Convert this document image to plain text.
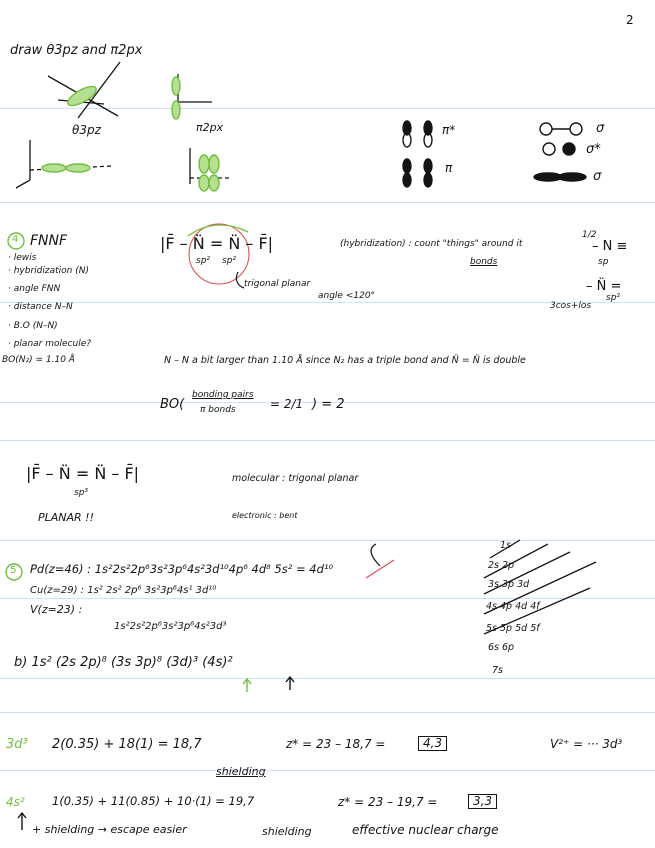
2
draw θ3pz and π2px
θ3pz	π2px	π*
π
σ
σ*
σ
4 FNNF
· lewis
· hybridization (N)
· angle FNN
· distance N–N
· B.O (N–N)
· planar molecule?
BO(N₂) = 1.10 Å
|F̄ – N̈ = N̈ – F̄|
sp² sp²
trigonal planar
angle <120°
(hybridization) : count "things" around it
bonds
1/2
– N ≡
sp
– N̈ =
sp²
3cos+los
N – N a bit larger than 1.10 Å since N₂ has a triple bond and N̈ = N̈ is double
BO(
bonding pairs
π bonds	= 2/1 ) = 2
|F̄ – N̈ = N̈ – F̄|
sp³
PLANAR !!
molecular : trigonal planar
electronic : bent
5 Pd(z=46) : 1s²2s²2p⁶3s²3p⁶4s²3d¹⁰4p⁶ 4d⁸ 5s² = 4d¹⁰
Cu(z=29) : 1s² 2s² 2p⁶ 3s²3p⁶4s¹ 3d¹⁰
V(z=23) :
1s²2s²2p⁶3s²3p⁶4s²3d³
b) 1s² (2s 2p)⁸ (3s 3p)⁸ (3d)³ (4s)²
1s
2s 2p
3s 3p 3d
4s 4p 4d 4f
5s 5p 5d 5f
6s 6p
7s
3d³ 2(0.35) + 18(1) = 18,7
shielding
z* = 23 – 18,7 =	4,3	V²⁺ = ··· 3d³
4s² 1(0.35) + 11(0.85) + 10·(1) = 19,7	z* = 23 – 19,7 =	3,3
+ shielding → escape easier	shielding	effective nuclear charge
